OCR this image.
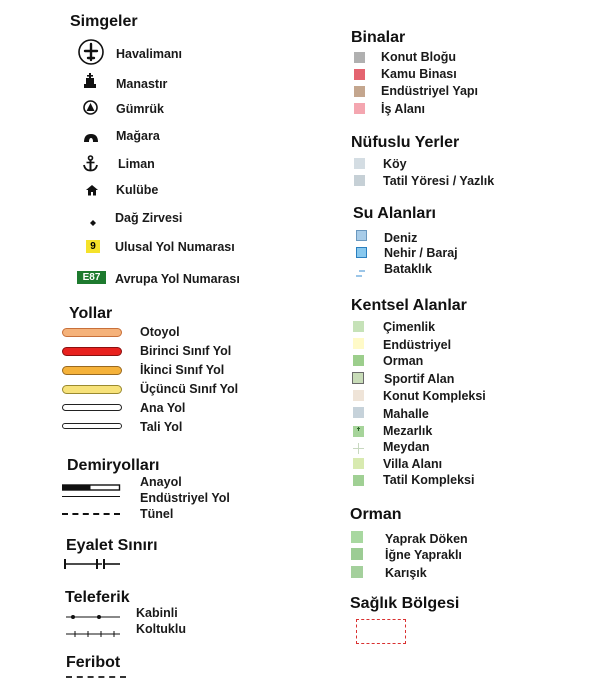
Simgeler
Havalimanı
Manastır
Gümrük
Mağara
Liman
Kulübe
Dağ Zirvesi
9	Ulusal Yol Numarası
E87	Avrupa Yol Numarası
Yollar
Otoyol
Birinci Sınıf Yol
İkinci Sınıf Yol
Üçüncü Sınıf Yol
Ana Yol
Tali Yol
Demiryolları
Anayol
Endüstriyel Yol
Tünel
Eyalet Sınırı
Teleferik
Kabinli
Koltuklu
Feribot
Binalar
Konut Bloğu
Kamu Binası
Endüstriyel Yapı
İş Alanı
Nüfuslu Yerler
Köy
Tatil Yöresi / Yazlık
Su Alanları
Deniz
Nehir / Baraj
Bataklık
Kentsel Alanlar
Çimenlik
Endüstriyel
Orman
Sportif Alan
Konut Kompleksi
Mahalle
Mezarlık
Meydan
Villa Alanı
Tatil Kompleksi
Orman
Yaprak Döken
İğne Yapraklı
Karışık
Sağlık Bölgesi
